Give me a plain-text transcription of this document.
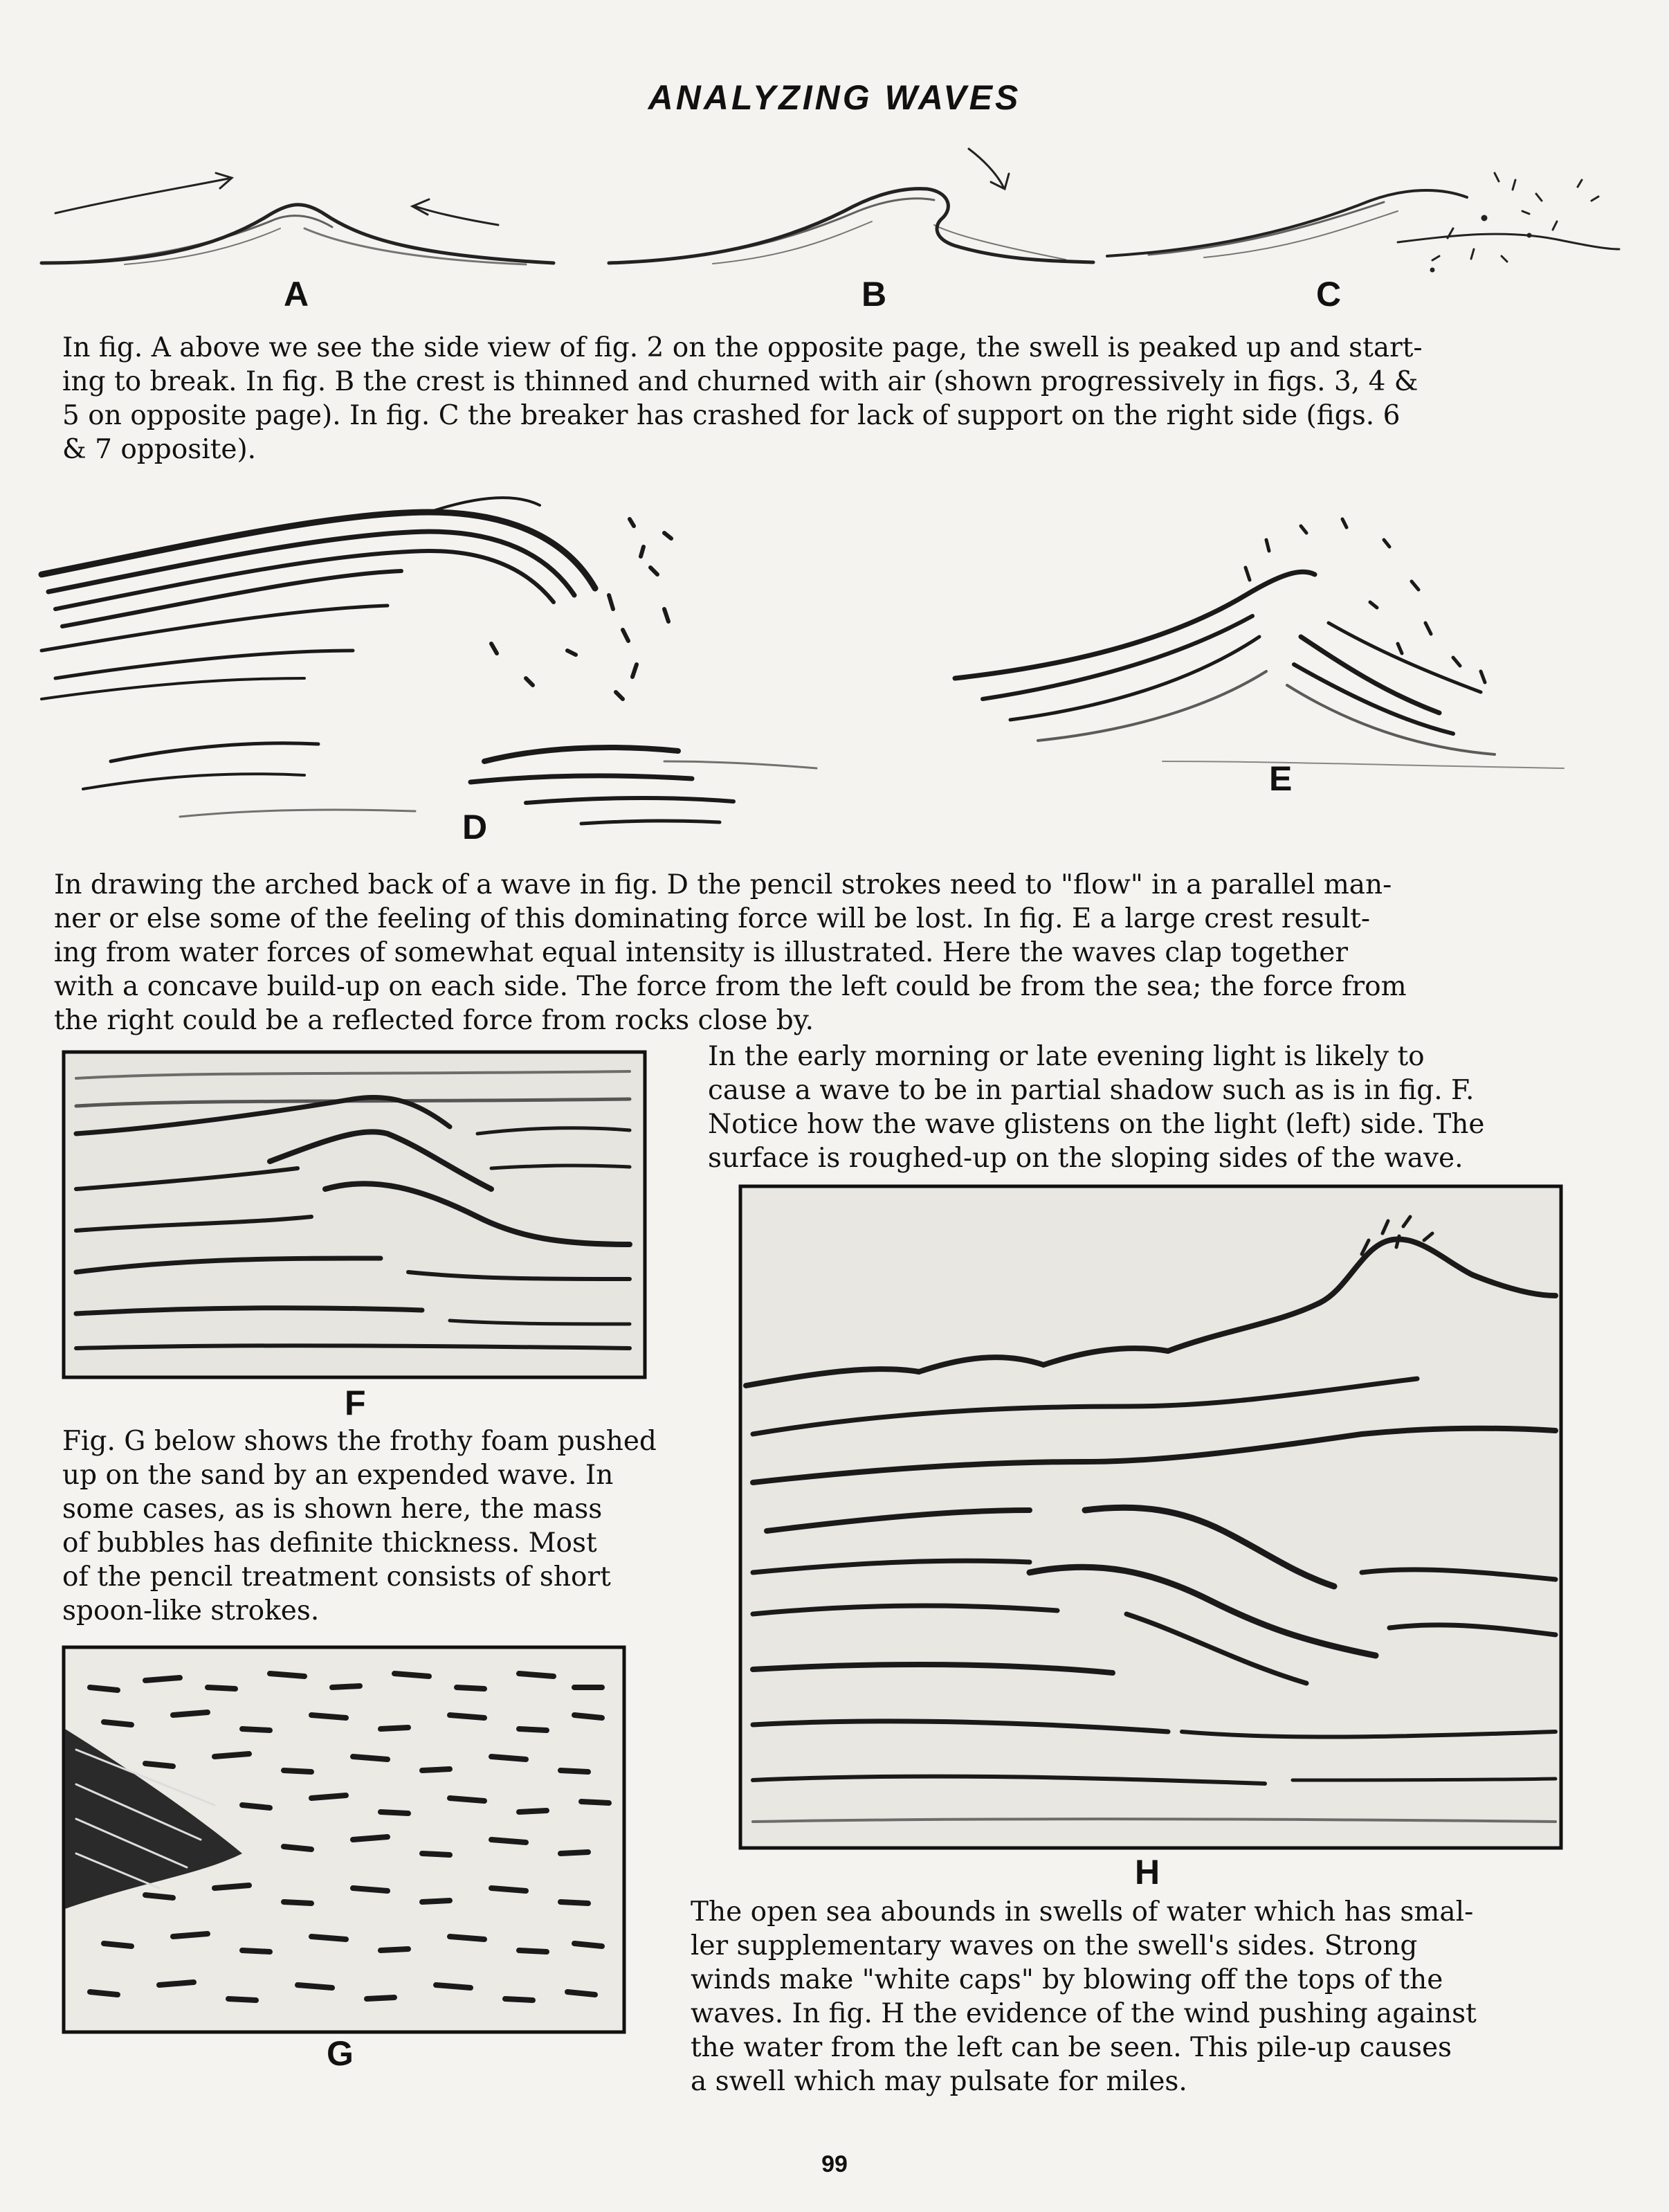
ANALYZING WAVES
A	B	C

In fig. A above we see the side view of fig. 2 on the opposite page, the swell is peaked up and start-
ing to break. In fig. B the crest is thinned and churned with air (shown progressively in figs. 3, 4 &
5 on opposite page). In fig. C the breaker has crashed for lack of support on the right side (figs. 6
& 7 opposite).

D
E

In drawing the arched back of a wave in fig. D the pencil strokes need to "flow" in a parallel man-
ner or else some of the feeling of this dominating force will be lost. In fig. E a large crest result-
ing from water forces of somewhat equal intensity is illustrated. Here the waves clap together
with a concave build-up on each side. The force from the left could be from the sea; the force from
the right could be a reflected force from rocks close by.

F

In the early morning or late evening light is likely to
cause a wave to be in partial shadow such as is in fig. F.
Notice how the wave glistens on the light (left) side. The
surface is roughed-up on the sloping sides of the wave.

H

Fig. G below shows the frothy foam pushed
up on the sand by an expended wave. In
some cases, as is shown here, the mass
of bubbles has definite thickness. Most
of the pencil treatment consists of short
spoon-like strokes.

G

The open sea abounds in swells of water which has smal-
ler supplementary waves on the swell's sides. Strong
winds make "white caps" by blowing off the tops of the
waves. In fig. H the evidence of the wind pushing against
the water from the left can be seen. This pile-up causes
a swell which may pulsate for miles.

99
